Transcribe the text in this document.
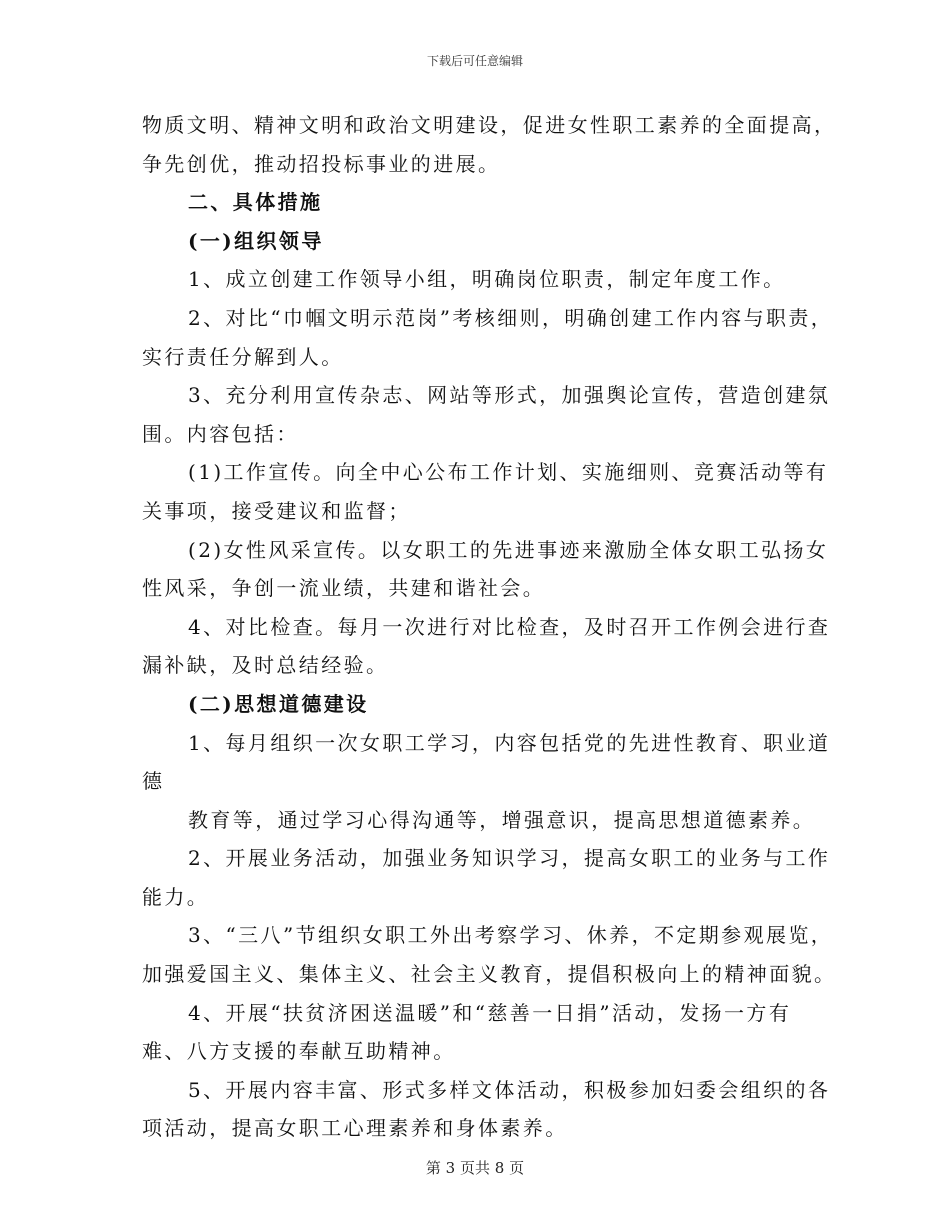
下载后可任意编辑
物质文明、精神文明和政治文明建设，促进女性职工素养的全面提高，
争先创优，推动招投标事业的进展。
二、具体措施
(一)组织领导
1、成立创建工作领导小组，明确岗位职责，制定年度工作。
2、对比“巾帼文明示范岗”考核细则，明确创建工作内容与职责，
实行责任分解到人。
3、充分利用宣传杂志、网站等形式，加强舆论宣传，营造创建氛
围。内容包括：
(1)工作宣传。向全中心公布工作计划、实施细则、竞赛活动等有
关事项，接受建议和监督；
(2)女性风采宣传。以女职工的先进事迹来激励全体女职工弘扬女
性风采，争创一流业绩，共建和谐社会。
4、对比检查。每月一次进行对比检查，及时召开工作例会进行查
漏补缺，及时总结经验。
(二)思想道德建设
1、每月组织一次女职工学习，内容包括党的先进性教育、职业道
德
教育等，通过学习心得沟通等，增强意识，提高思想道德素养。
2、开展业务活动，加强业务知识学习，提高女职工的业务与工作
能力。
3、“三八”节组织女职工外出考察学习、休养，不定期参观展览，
加强爱国主义、集体主义、社会主义教育，提倡积极向上的精神面貌。
4、开展“扶贫济困送温暖”和“慈善一日捐”活动，发扬一方有
难、八方支援的奉献互助精神。
5、开展内容丰富、形式多样文体活动，积极参加妇委会组织的各
项活动，提高女职工心理素养和身体素养。
第 3 页共 8 页
